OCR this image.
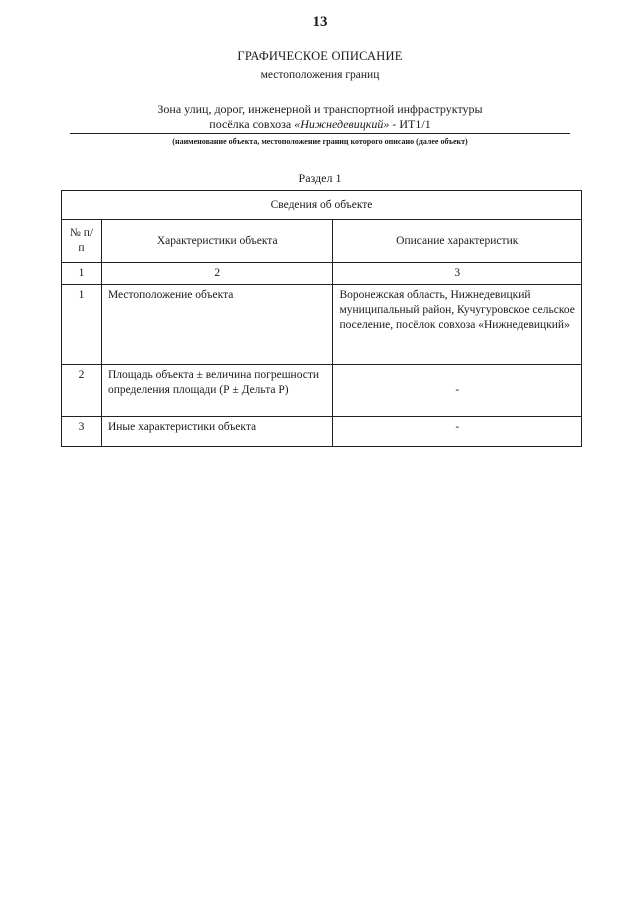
13
ГРАФИЧЕСКОЕ ОПИСАНИЕ
местоположения границ
Зона улиц, дорог, инженерной и транспортной инфраструктуры
посёлка совхоза «Нижнедевицкий» - ИТ1/1
(наименование объекта, местоположение границ которого описано (далее объект)
Раздел 1
Сведения об объекте		
№ п/п	Характеристики объекта	Описание характеристик
1	2	3
1	Местоположение объекта	Воронежская область, Нижнедевицкий муниципальный район, Кучугуровское сельское поселение, посёлок совхоза «Нижнедевицкий»
2	Площадь объекта ± величина погрешности определения площади (Р ± Дельта Р)	-
3	Иные характеристики объекта	-
